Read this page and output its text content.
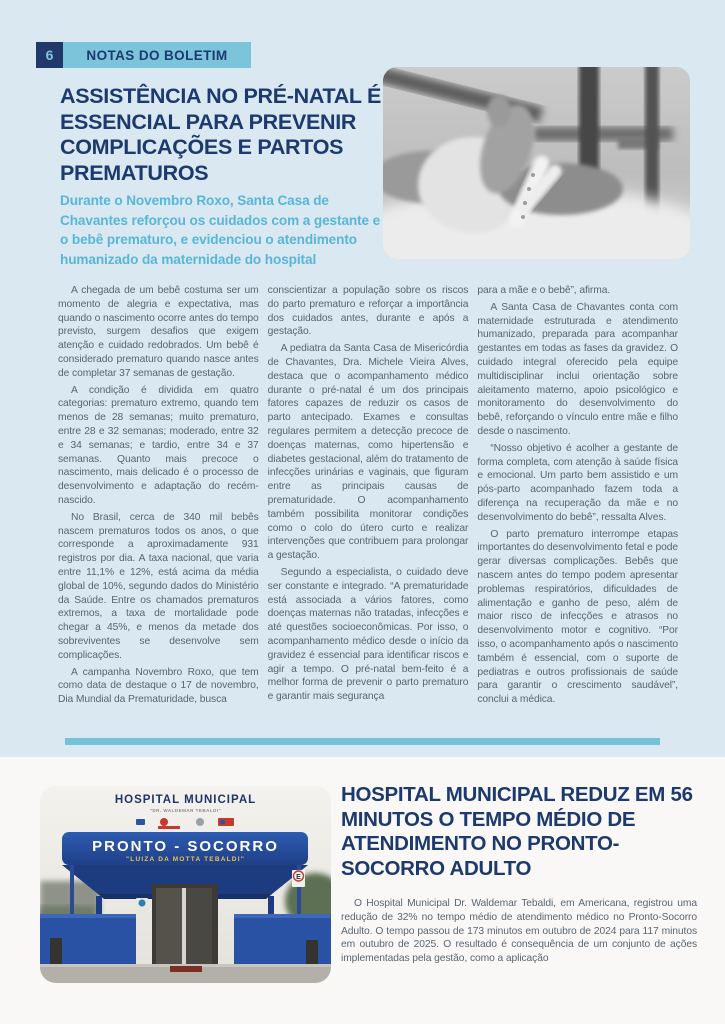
6 NOTAS DO BOLETIM
ASSISTÊNCIA NO PRÉ-NATAL É ESSENCIAL PARA PREVENIR COMPLICAÇÕES E PARTOS PREMATUROS
Durante o Novembro Roxo, Santa Casa de Chavantes reforçou os cuidados com a gestante e o bebê prematuro, e evidenciou o atendimento humanizado da maternidade do hospital

A chegada de um bebê costuma ser um momento de alegria e expectativa, mas quando o nascimento ocorre antes do tempo previsto, surgem desafios que exigem atenção e cuidado redobrados. Um bebê é considerado prematuro quando nasce antes de completar 37 semanas de gestação.

A condição é dividida em quatro categorias: prematuro extremo, quando tem menos de 28 semanas; muito prematuro, entre 28 e 32 semanas; moderado, entre 32 e 34 semanas; e tardio, entre 34 e 37 semanas. Quanto mais precoce o nascimento, mais delicado é o processo de desenvolvimento e adaptação do recém-nascido.

No Brasil, cerca de 340 mil bebês nascem prematuros todos os anos, o que corresponde a aproximadamente 931 registros por dia. A taxa nacional, que varia entre 11,1% e 12%, está acima da média global de 10%, segundo dados do Ministério da Saúde. Entre os chamados prematuros extremos, a taxa de mortalidade pode chegar a 45%, e menos da metade dos sobreviventes se desenvolve sem complicações.

A campanha Novembro Roxo, que tem como data de destaque o 17 de novembro, Dia Mundial da Prematuridade, busca

conscientizar a população sobre os riscos do parto prematuro e reforçar a importância dos cuidados antes, durante e após a gestação.

A pediatra da Santa Casa de Misericórdia de Chavantes, Dra. Michele Vieira Alves, destaca que o acompanhamento médico durante o pré-natal é um dos principais fatores capazes de reduzir os casos de parto antecipado. Exames e consultas regulares permitem a detecção precoce de doenças maternas, como hipertensão e diabetes gestacional, além do tratamento de infecções urinárias e vaginais, que figuram entre as principais causas de prematuridade. O acompanhamento também possibilita monitorar condições como o colo do útero curto e realizar intervenções que contribuem para prolongar a gestação.

Segundo a especialista, o cuidado deve ser constante e integrado. “A prematuridade está associada a vários fatores, como doenças maternas não tratadas, infecções e até questões socioeconômicas. Por isso, o acompanhamento médico desde o início da gravidez é essencial para identificar riscos e agir a tempo. O pré-natal bem-feito é a melhor forma de prevenir o parto prematuro e garantir mais segurança

para a mãe e o bebê”, afirma.

A Santa Casa de Chavantes conta com maternidade estruturada e atendimento humanizado, preparada para acompanhar gestantes em todas as fases da gravidez. O cuidado integral oferecido pela equipe multidisciplinar inclui orientação sobre aleitamento materno, apoio psicológico e monitoramento do desenvolvimento do bebê, reforçando o vínculo entre mãe e filho desde o nascimento.

“Nosso objetivo é acolher a gestante de forma completa, com atenção à saúde física e emocional. Um parto bem assistido e um pós-parto acompanhado fazem toda a diferença na recuperação da mãe e no desenvolvimento do bebê”, ressalta Alves.

O parto prematuro interrompe etapas importantes do desenvolvimento fetal e pode gerar diversas complicações. Bebês que nascem antes do tempo podem apresentar problemas respiratórios, dificuldades de alimentação e ganho de peso, além de maior risco de infecções e atrasos no desenvolvimento motor e cognitivo. “Por isso, o acompanhamento após o nascimento também é essencial, com o suporte de pediatras e outros profissionais de saúde para garantir o crescimento saudável”, conclui a médica.

E
HOSPITAL MUNICIPAL
"DR. WALDEMAR TEBALDI"
PRONTO - SOCORRO
"LUIZA DA MOTTA TEBALDI"
HOSPITAL MUNICIPAL REDUZ EM 56 MINUTOS O TEMPO MÉDIO DE ATENDIMENTO NO PRONTO-SOCORRO ADULTO
O Hospital Municipal Dr. Waldemar Tebaldi, em Americana, registrou uma redução de 32% no tempo médio de atendimento médico no Pronto-Socorro Adulto. O tempo passou de 173 minutos em outubro de 2024 para 117 minutos em outubro de 2025. O resultado é consequência de um conjunto de ações implementadas pela gestão, como a aplicação
